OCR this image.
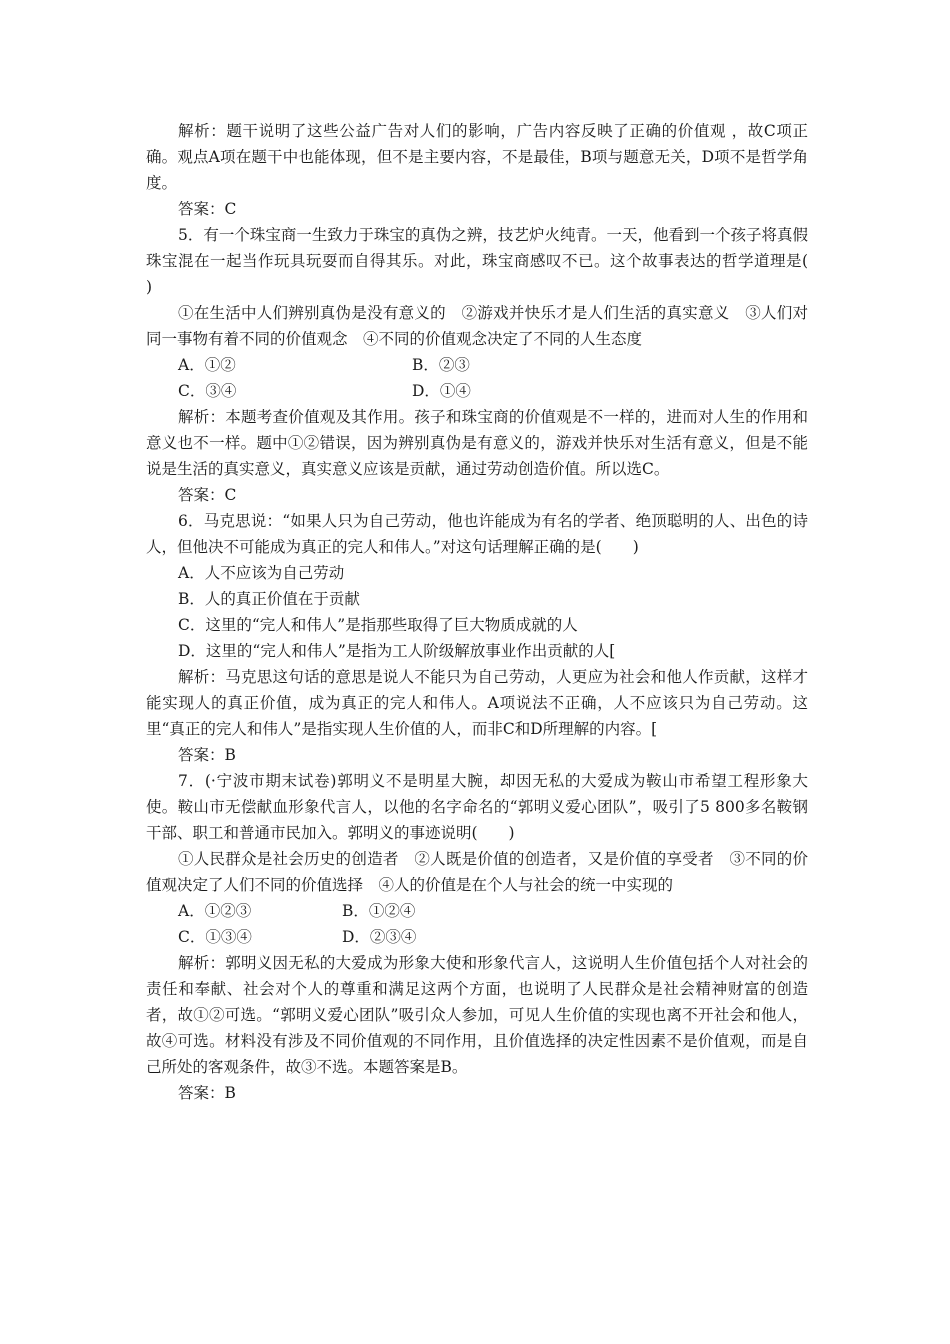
解析：题干说明了这些公益广告对人们的影响，广告内容反映了正确的价值观 ，故C项正确。观点A项在题干中也能体现，但不是主要内容，不是最佳，B项与题意无关，D项不是哲学角度。

答案：C

5．有一个珠宝商一生致力于珠宝的真伪之辨，技艺炉火纯青。一天，他看到一个孩子将真假珠宝混在一起当作玩具玩耍而自得其乐。对此，珠宝商感叹不已。这个故事表达的哲学道理是(　　)

①在生活中人们辨别真伪是没有意义的　②游戏并快乐才是人们生活的真实意义　③人们对同一事物有着不同的价值观念　④不同的价值观念决定了不同的人生态度

A．①②	B．②③
C．③④	D．①④

解析：本题考查价值观及其作用。孩子和珠宝商的价值观是不一样的，进而对人生的作用和意义也不一样。题中①②错误，因为辨别真伪是有意义的，游戏并快乐对生活有意义，但是不能说是生活的真实意义，真实意义应该是贡献，通过劳动创造价值。所以选C。

答案：C

6．马克思说：“如果人只为自己劳动，他也许能成为有名的学者、绝顶聪明的人、出色的诗人，但他决不可能成为真正的完人和伟人。”对这句话理解正确的是(　　)

A．人不应该为自己劳动
B．人的真正价值在于贡献
C．这里的“完人和伟人”是指那些取得了巨大物质成就的人
D．这里的“完人和伟人”是指为工人阶级解放事业作出贡献的人[

解析：马克思这句话的意思是说人不能只为自己劳动，人更应为社会和他人作贡献，这样才能实现人的真正价值，成为真正的完人和伟人。A项说法不正确，人不应该只为自己劳动。这里“真正的完人和伟人”是指实现人生价值的人，而非C和D所理解的内容。[

答案：B

7．(·宁波市期末试卷)郭明义不是明星大腕，却因无私的大爱成为鞍山市希望工程形象大使。鞍山市无偿献血形象代言人，以他的名字命名的“郭明义爱心团队”，吸引了5 800多名鞍钢干部、职工和普通市民加入。郭明义的事迹说明(　　)

①人民群众是社会历史的创造者　②人既是价值的创造者，又是价值的享受者　③不同的价值观决定了人们不同的价值选择　④人的价值是在个人与社会的统一中实现的

A．①②③	B．①②④
C．①③④	D．②③④

解析：郭明义因无私的大爱成为形象大使和形象代言人，这说明人生价值包括个人对社会的责任和奉献、社会对个人的尊重和满足这两个方面，也说明了人民群众是社会精神财富的创造者，故①②可选。“郭明义爱心团队”吸引众人参加，可见人生价值的实现也离不开社会和他人，故④可选。材料没有涉及不同价值观的不同作用，且价值选择的决定性因素不是价值观，而是自己所处的客观条件，故③不选。本题答案是B。

答案：B
